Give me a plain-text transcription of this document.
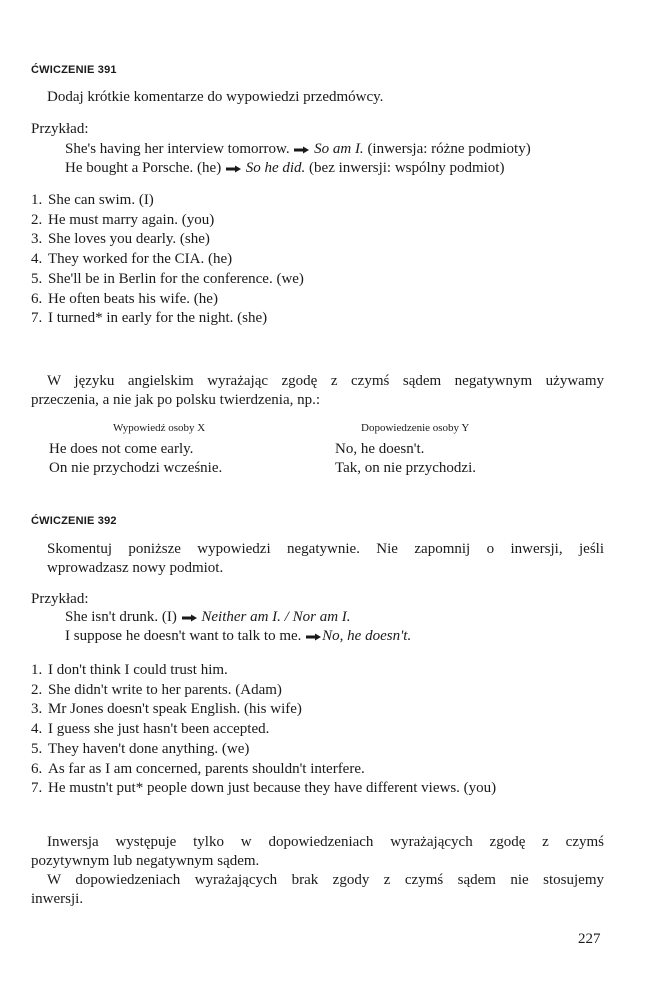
ĆWICZENIE 391
Dodaj krótkie komentarze do wypowiedzi przedmówcy.
Przykład:
She's having her interview tomorrow. So am I. (inwersja: różne podmioty)
He bought a Porsche. (he) So he did. (bez inwersji: wspólny podmiot)
1. She can swim. (I)
2. He must marry again. (you)
3. She loves you dearly. (she)
4. They worked for the CIA. (he)
5. She'll be in Berlin for the conference. (we)
6. He often beats his wife. (he)
7. I turned* in early for the night. (she)
W języku angielskim wyrażając zgodę z czymś sądem negatywnym używamy
przeczenia, a nie jak po polsku twierdzenia, np.:
Wypowiedź osoby X	Dopowiedzenie osoby Y
He does not come early.
On nie przychodzi wcześnie.
No, he doesn't.
Tak, on nie przychodzi.
ĆWICZENIE 392
Skomentuj poniższe wypowiedzi negatywnie. Nie zapomnij o inwersji, jeśli
wprowadzasz nowy podmiot.
Przykład:
She isn't drunk. (I) Neither am I. / Nor am I.
I suppose he doesn't want to talk to me. No, he doesn't.
1. I don't think I could trust him.
2. She didn't write to her parents. (Adam)
3. Mr Jones doesn't speak English. (his wife)
4. I guess she just hasn't been accepted.
5. They haven't done anything. (we)
6. As far as I am concerned, parents shouldn't interfere.
7. He mustn't put* people down just because they have different views. (you)
Inwersja występuje tylko w dopowiedzeniach wyrażających zgodę z czymś
pozytywnym lub negatywnym sądem.
W dopowiedzeniach wyrażających brak zgody z czymś sądem nie stosujemy
inwersji.
227
